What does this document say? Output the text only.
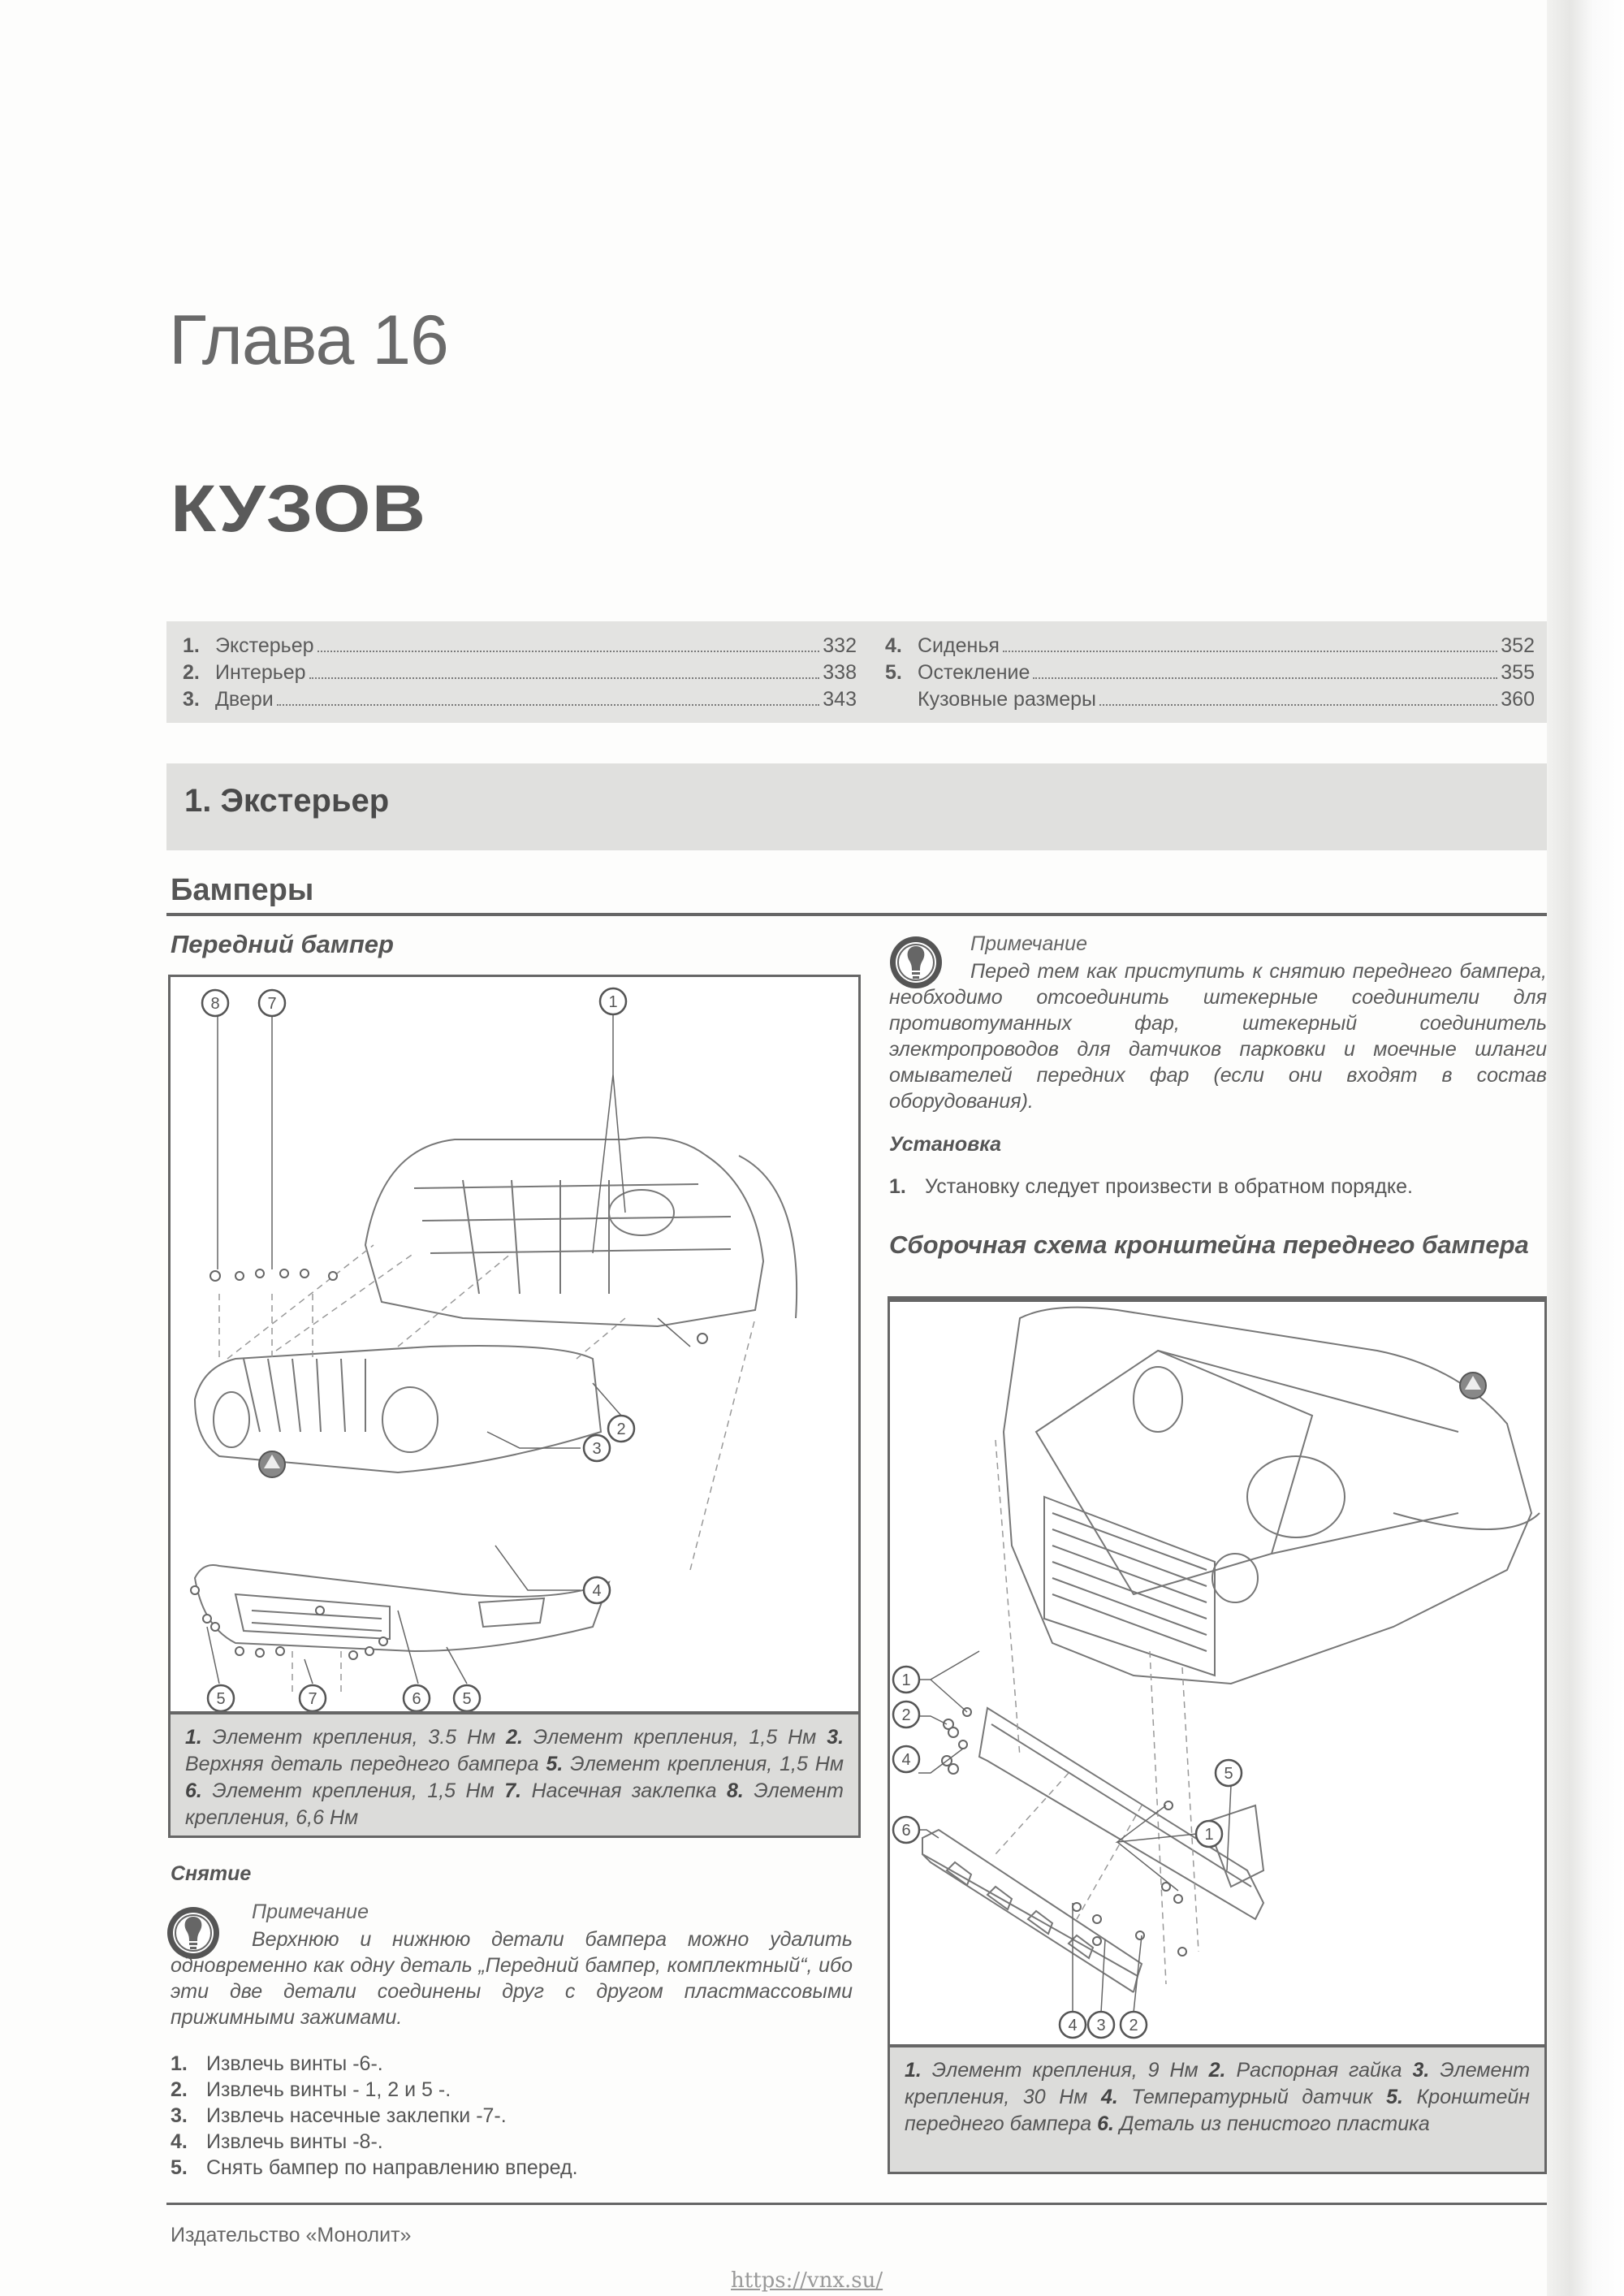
Глава 16
КУЗОВ
1. Экстерьер	332
2. Интерьер	338
3. Двери	343
4. Сиденья	352
5. Остекление	355
Кузовные размеры	360
1. Экстерьер
Бамперы
Передний бампер
1
2
3
4
8	7
5	7	6	5
1. Элемент крепления, 3.5 Нм 2. Элемент крепления, 1,5 Нм 3. Верхняя деталь переднего бампера 5. Элемент крепления, 1,5 Нм 6. Элемент крепления, 1,5 Нм 7. Насечная заклепка 8. Элемент крепления, 6,6 Нм
Снятие
Примечание
Верхнюю и нижнюю детали бампера можно удалить одновременно как одну деталь „Передний бампер, комплектный“, ибо эти две детали соединены друг с другом пластмассовыми прижимными зажимами.
1. Извлечь винты -6-.
2. Извлечь винты - 1, 2 и 5 -.
3. Извлечь насечные заклепки -7-.
4. Извлечь винты -8-.
5. Снять бампер по направлению вперед.
Примечание
Перед тем как приступить к снятию переднего бампера, необходимо отсоединить штекерные соединители для противотуманных фар, штекерный соединитель электропроводов для датчиков парковки и моечные шланги омывателей передних фар (если они входят в состав оборудования).
Установка
1. Установку следует произвести в обратном порядке.
Сборочная схема кронштейна переднего бампера
1
2
4
6
5
1
4 3 2
1. Элемент крепления, 9 Нм 2. Распорная гайка 3. Элемент крепления, 30 Нм 4. Температурный датчик 5. Кронштейн переднего бампера 6. Деталь из пенистого пластика
Издательство «Монолит»
https://vnx.su/
